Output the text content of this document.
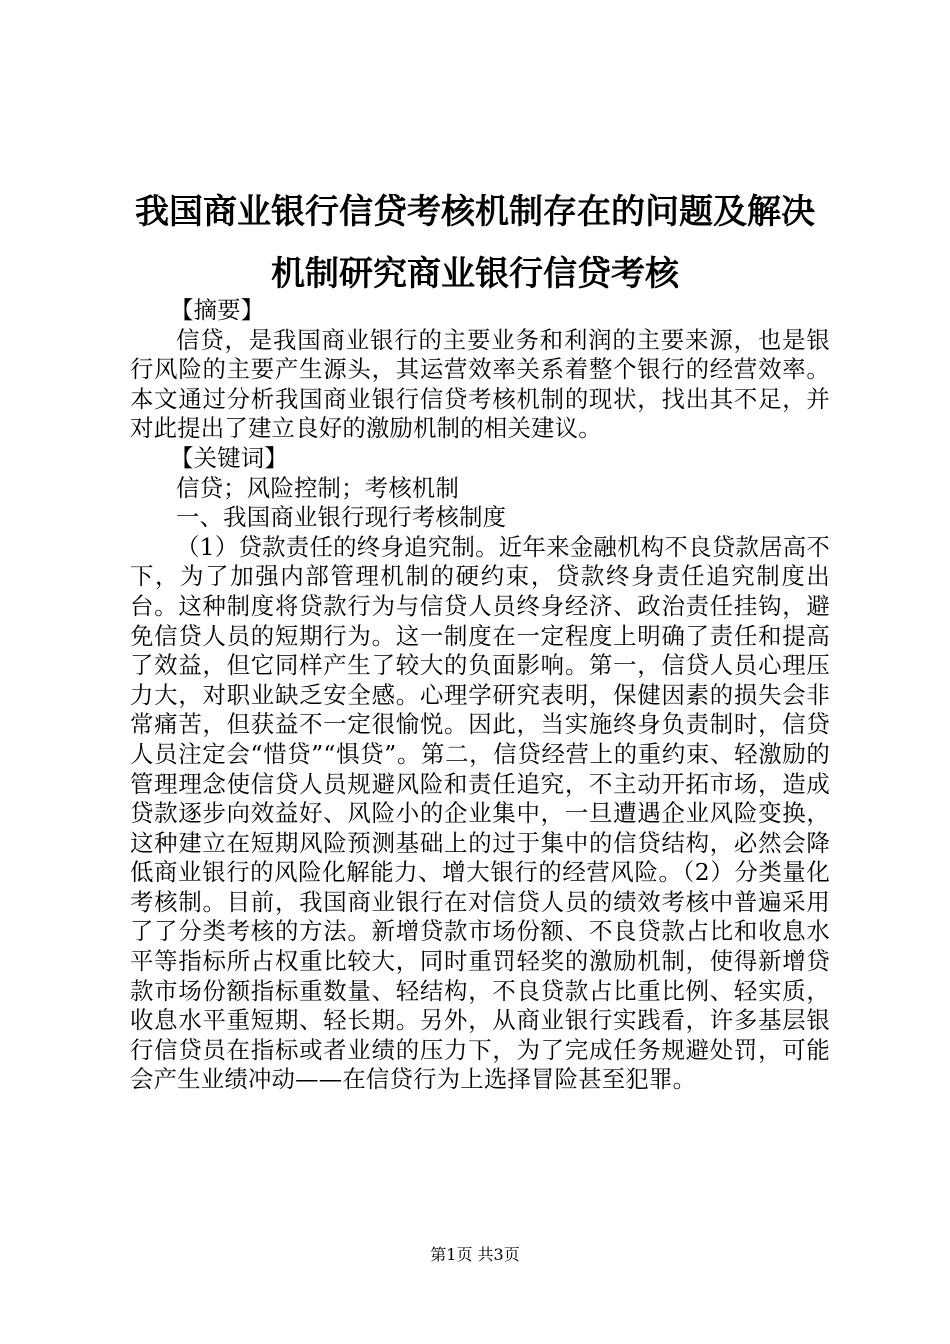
我国商业银行信贷考核机制存在的问题及解决
机制研究商业银行信贷考核

【摘要】

信贷，是我国商业银行的主要业务和利润的主要来源，也是银行风险的主要产生源头，其运营效率关系着整个银行的经营效率。本文通过分析我国商业银行信贷考核机制的现状，找出其不足，并对此提出了建立良好的激励机制的相关建议。

【关键词】

信贷；风险控制；考核机制

一、我国商业银行现行考核制度

（1）贷款责任的终身追究制。近年来金融机构不良贷款居高不下，为了加强内部管理机制的硬约束，贷款终身责任追究制度出台。这种制度将贷款行为与信贷人员终身经济、政治责任挂钩，避免信贷人员的短期行为。这一制度在一定程度上明确了责任和提高了效益，但它同样产生了较大的负面影响。第一，信贷人员心理压力大，对职业缺乏安全感。心理学研究表明，保健因素的损失会非常痛苦，但获益不一定很愉悦。因此，当实施终身负责制时，信贷人员注定会“惜贷”“惧贷”。第二，信贷经营上的重约束、轻激励的管理理念使信贷人员规避风险和责任追究，不主动开拓市场，造成贷款逐步向效益好、风险小的企业集中，一旦遭遇企业风险变换，这种建立在短期风险预测基础上的过于集中的信贷结构，必然会降低商业银行的风险化解能力、增大银行的经营风险。（2）分类量化考核制。目前，我国商业银行在对信贷人员的绩效考核中普遍采用了了分类考核的方法。新增贷款市场份额、不良贷款占比和收息水平等指标所占权重比较大，同时重罚轻奖的激励机制，使得新增贷款市场份额指标重数量、轻结构，不良贷款占比重比例、轻实质，收息水平重短期、轻长期。另外，从商业银行实践看，许多基层银行信贷员在指标或者业绩的压力下，为了完成任务规避处罚，可能会产生业绩冲动——在信贷行为上选择冒险甚至犯罪。

第1页 共3页
